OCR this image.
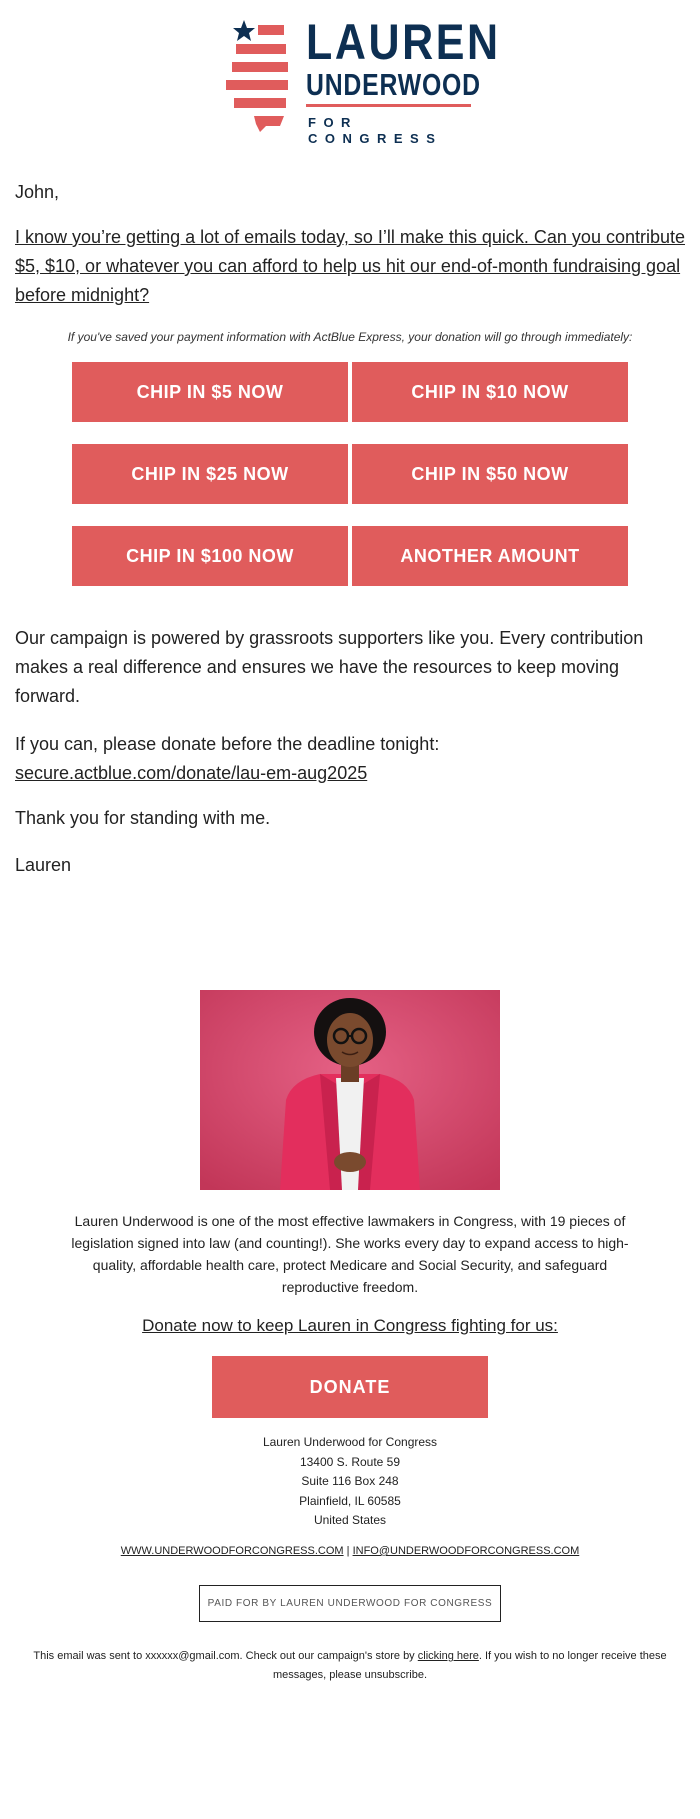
LAUREN
UNDERWOOD
FOR CONGRESS
John,
I know you’re getting a lot of emails today, so I’ll make this quick. Can you contribute $5, $10, or whatever you can afford to help us hit our end-of-month fundraising goal before midnight?
If you've saved your payment information with ActBlue Express, your donation will go through immediately:
CHIP IN $5 NOW	CHIP IN $10 NOW
CHIP IN $25 NOW	CHIP IN $50 NOW
CHIP IN $100 NOW	ANOTHER AMOUNT
Our campaign is powered by grassroots supporters like you. Every contribution makes a real difference and ensures we have the resources to keep moving forward.
If you can, please donate before the deadline tonight:
secure.actblue.com/donate/lau-em-aug2025
Thank you for standing with me.
Lauren
Lauren Underwood is one of the most effective lawmakers in Congress, with 19 pieces of legislation signed into law (and counting!). She works every day to expand access to high-quality, affordable health care, protect Medicare and Social Security, and safeguard reproductive freedom.
Donate now to keep Lauren in Congress fighting for us:
DONATE
Lauren Underwood for Congress
13400 S. Route 59
Suite 116 Box 248
Plainfield, IL 60585
United States
WWW.UNDERWOODFORCONGRESS.COM | INFO@UNDERWOODFORCONGRESS.COM
PAID FOR BY LAUREN UNDERWOOD FOR CONGRESS
This email was sent to xxxxxx@gmail.com. Check out our campaign's store by clicking here. If you wish to no longer receive these messages, please unsubscribe.
